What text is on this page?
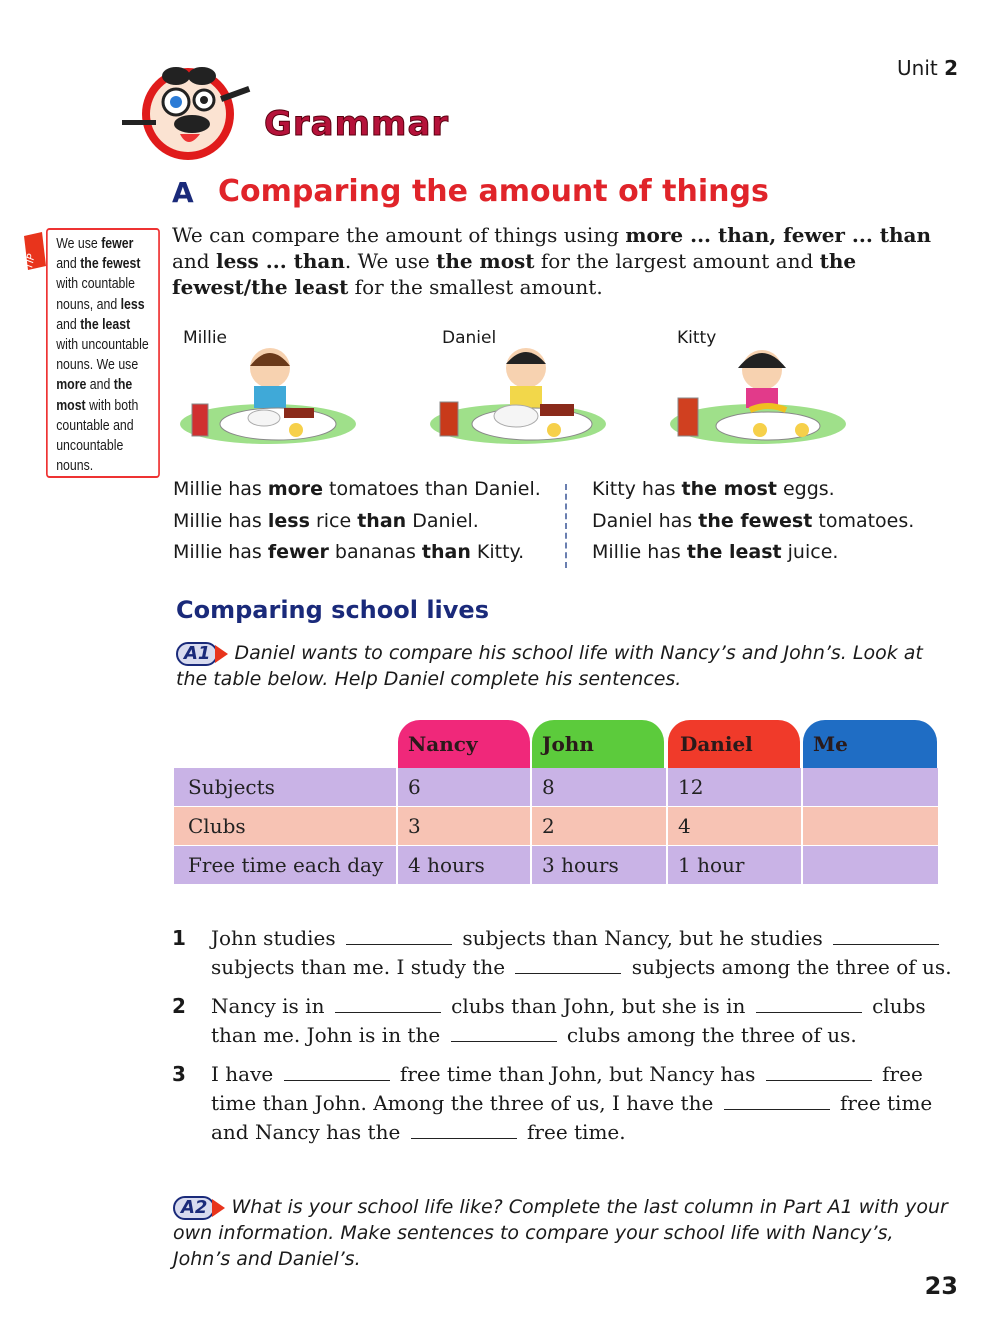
Unit 2
Grammar
A Comparing the amount of things
TIP
We use fewer and the fewest with countable nouns, and less and the least with uncountable nouns. We use more and the most with both countable and uncountable nouns.
We can compare the amount of things using more ... than, fewer ... than and less ... than. We use the most for the largest amount and the fewest/the least for the smallest amount.
Millie	Daniel	Kitty
Millie has more tomatoes than Daniel.
Millie has less rice than Daniel.
Millie has fewer bananas than Kitty.
Kitty has the most eggs.
Daniel has the fewest tomatoes.
Millie has the least juice.
Comparing school lives
A1	Daniel wants to compare his school life with Nancy’s and John’s. Look at the table below. Help Daniel complete his sentences.
Nancy	John	Daniel	Me
Subjects	6	8	12
Clubs	3	2	4
Free time each day 4 hours	3 hours	1 hour
1	John studies	subjects than Nancy, but he studies
subjects than me. I study the	subjects among the three of us.
2	Nancy is in	clubs than John, but she is in	clubs
than me. John is in the	clubs among the three of us.
3	I have	free time than John, but Nancy has	free
time than John. Among the three of us, I have the	free time
and Nancy has the	free time.
A2	What is your school life like? Complete the last column in Part A1 with your own information. Make sentences to compare your school life with Nancy’s, John’s and Daniel’s.
23
